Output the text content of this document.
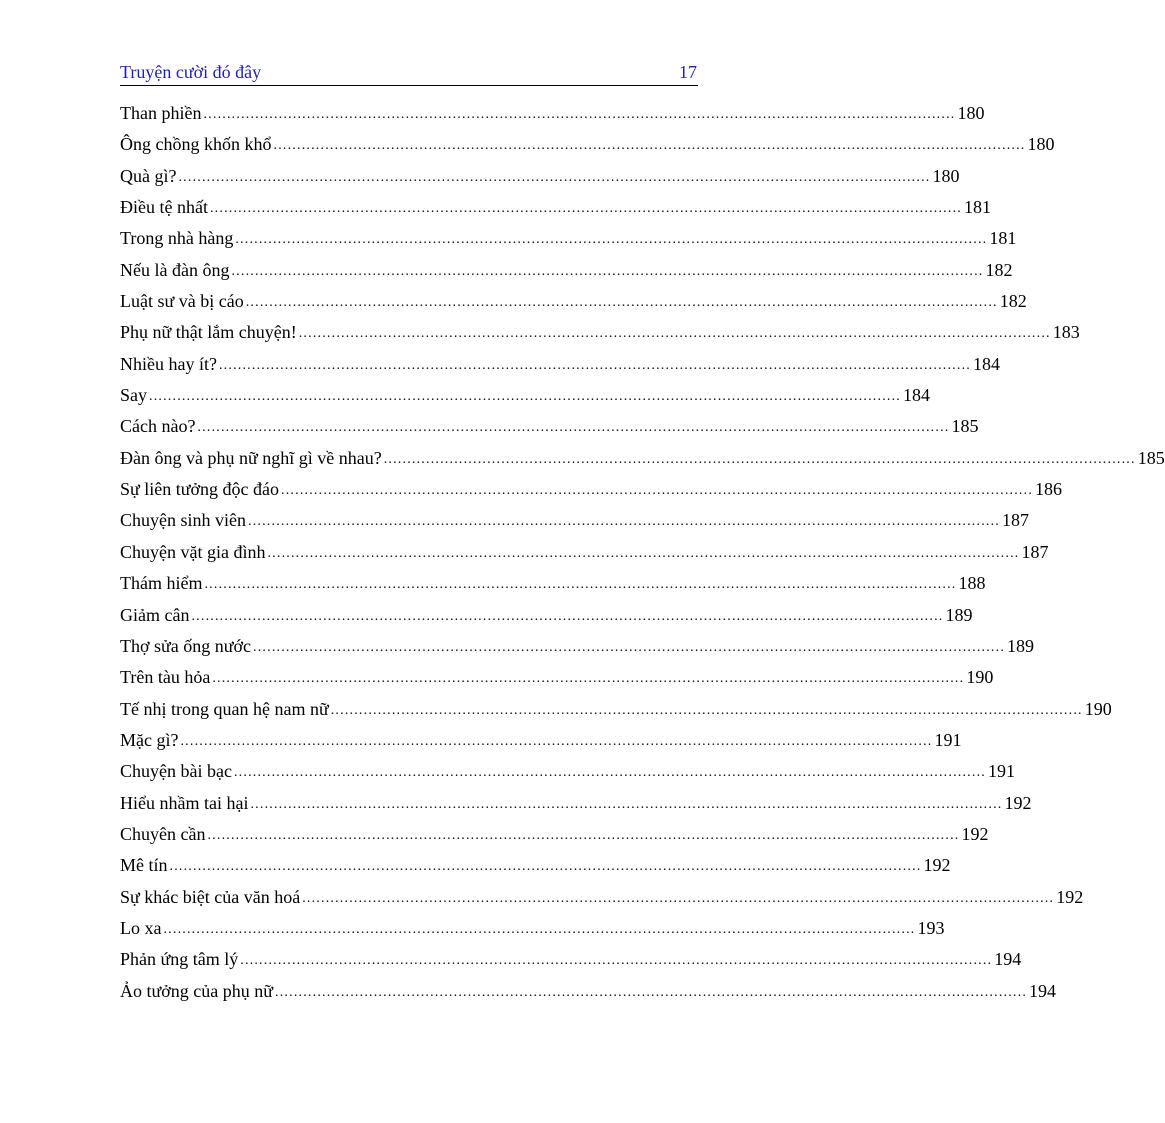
Truyện cười đó đây	17
Than phiền ................................................................................................................................................................ 180
Ông chồng khốn khổ ................................................................................................................................................................ 180
Quà gì? ................................................................................................................................................................ 180
Điều tệ nhất ................................................................................................................................................................ 181
Trong nhà hàng ................................................................................................................................................................ 181
Nếu là đàn ông ................................................................................................................................................................ 182
Luật sư và bị cáo ................................................................................................................................................................ 182
Phụ nữ thật lắm chuyện! ................................................................................................................................................................ 183
Nhiều hay ít? ................................................................................................................................................................ 184
Say ................................................................................................................................................................ 184
Cách nào? ................................................................................................................................................................ 185
Đàn ông và phụ nữ nghĩ gì về nhau? ................................................................................................................................................................ 185
Sự liên tưởng độc đáo ................................................................................................................................................................ 186
Chuyện sinh viên ................................................................................................................................................................ 187
Chuyện vặt gia đình ................................................................................................................................................................ 187
Thám hiểm ................................................................................................................................................................ 188
Giảm cân ................................................................................................................................................................ 189
Thợ sửa ống nước ................................................................................................................................................................ 189
Trên tàu hỏa ................................................................................................................................................................ 190
Tế nhị trong quan hệ nam nữ ................................................................................................................................................................ 190
Mặc gì? ................................................................................................................................................................ 191
Chuyện bài bạc ................................................................................................................................................................ 191
Hiểu nhầm tai hại ................................................................................................................................................................ 192
Chuyên cần ................................................................................................................................................................ 192
Mê tín ................................................................................................................................................................ 192
Sự khác biệt của văn hoá ................................................................................................................................................................ 192
Lo xa ................................................................................................................................................................ 193
Phản ứng tâm lý ................................................................................................................................................................ 194
Ảo tưởng của phụ nữ ................................................................................................................................................................ 194
